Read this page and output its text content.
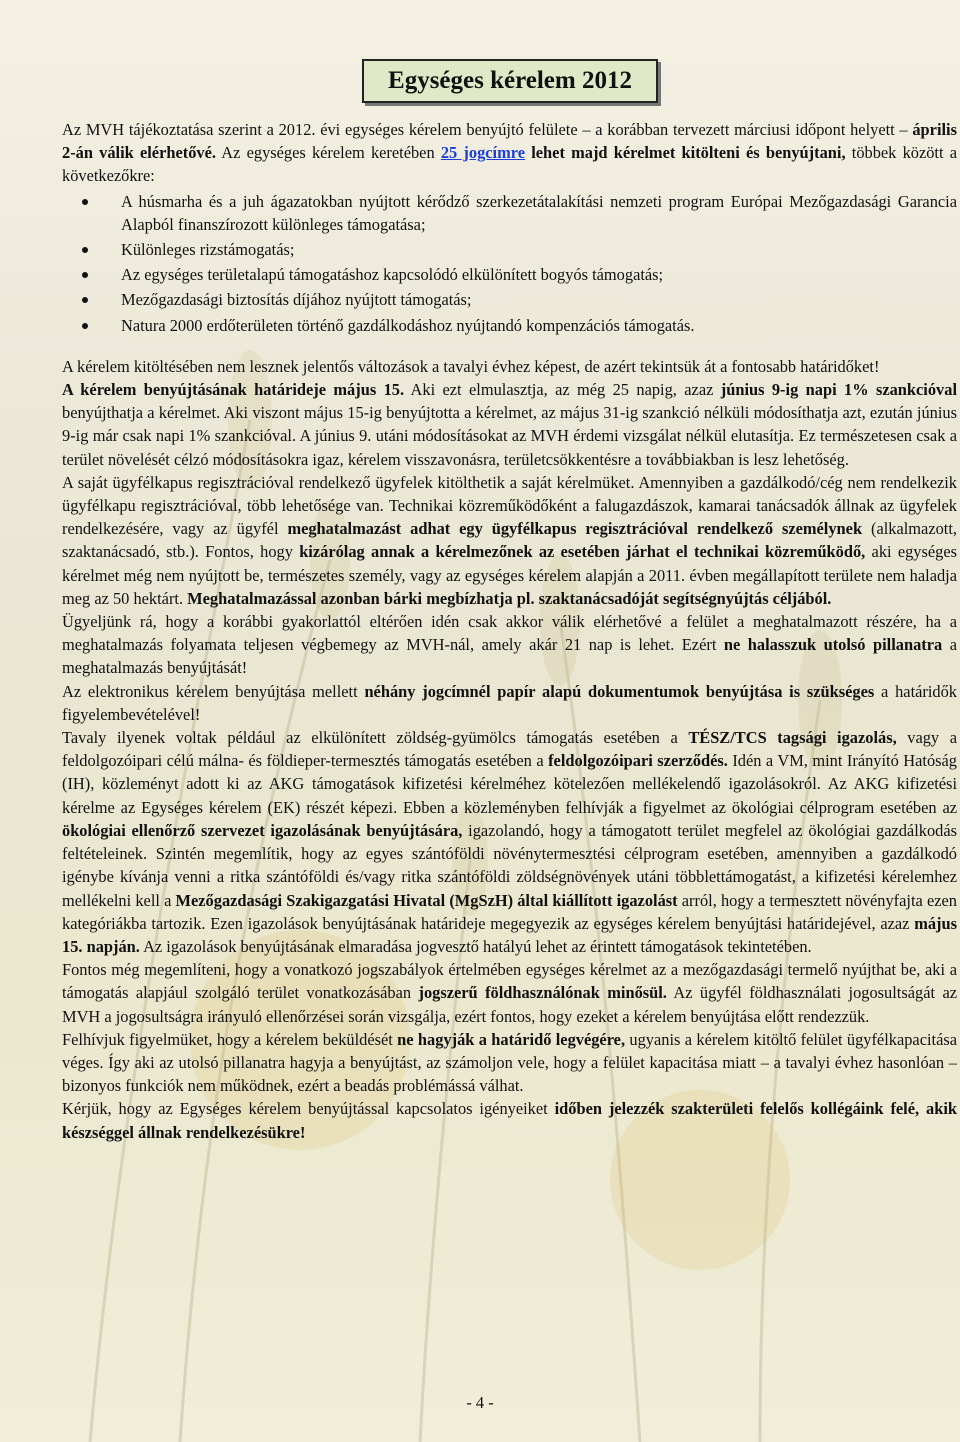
Egységes kérelem 2012

Az MVH tájékoztatása szerint a 2012. évi egységes kérelem benyújtó felülete – a korábban tervezett márciusi időpont helyett – április 2-án válik elérhetővé. Az egységes kérelem keretében 25 jogcímre lehet majd kérelmet kitölteni és benyújtani, többek között a következőkre:

A húsmarha és a juh ágazatokban nyújtott kérődző szerkezetátalakítási nemzeti program Európai Mezőgazdasági Garancia Alapból finanszírozott különleges támogatása;
Különleges rizstámogatás;
Az egységes területalapú támogatáshoz kapcsolódó elkülönített bogyós támogatás;
Mezőgazdasági biztosítás díjához nyújtott támogatás;
Natura 2000 erdőterületen történő gazdálkodáshoz nyújtandó kompenzációs támogatás.

A kérelem kitöltésében nem lesznek jelentős változások a tavalyi évhez képest, de azért tekintsük át a fontosabb határidőket!

A kérelem benyújtásának határideje május 15. Aki ezt elmulasztja, az még 25 napig, azaz június 9-ig napi 1% szankcióval benyújthatja a kérelmet. Aki viszont május 15-ig benyújtotta a kérelmet, az május 31-ig szankció nélküli módosíthatja azt, ezután június 9-ig már csak napi 1% szankcióval. A június 9. utáni módosításokat az MVH érdemi vizsgálat nélkül elutasítja. Ez természetesen csak a terület növelését célzó módosításokra igaz, kérelem visszavonásra, területcsökkentésre a továbbiakban is lesz lehetőség.

A saját ügyfélkapus regisztrációval rendelkező ügyfelek kitölthetik a saját kérelmüket. Amennyiben a gazdálkodó/cég nem rendelkezik ügyfélkapu regisztrációval, több lehetősége van. Technikai közreműködőként a falugazdászok, kamarai tanácsadók állnak az ügyfelek rendelkezésére, vagy az ügyfél meghatalmazást adhat egy ügyfélkapus regisztrációval rendelkező személynek (alkalmazott, szaktanácsadó, stb.). Fontos, hogy kizárólag annak a kérelmezőnek az esetében járhat el technikai közreműködő, aki egységes kérelmet még nem nyújtott be, természetes személy, vagy az egységes kérelem alapján a 2011. évben megállapított területe nem haladja meg az 50 hektárt. Meghatalmazással azonban bárki megbízhatja pl. szaktanácsadóját segítségnyújtás céljából.

Ügyeljünk rá, hogy a korábbi gyakorlattól eltérően idén csak akkor válik elérhetővé a felület a meghatalmazott részére, ha a meghatalmazás folyamata teljesen végbemegy az MVH-nál, amely akár 21 nap is lehet. Ezért ne halasszuk utolsó pillanatra a meghatalmazás benyújtását!

Az elektronikus kérelem benyújtása mellett néhány jogcímnél papír alapú dokumentumok benyújtása is szükséges a határidők figyelembevételével!

Tavaly ilyenek voltak például az elkülönített zöldség-gyümölcs támogatás esetében a TÉSZ/TCS tagsági igazolás, vagy a feldolgozóipari célú málna- és földieper-termesztés támogatás esetében a feldolgozóipari szerződés. Idén a VM, mint Irányító Hatóság (IH), közleményt adott ki az AKG támogatások kifizetési kérelméhez kötelezően mellékelendő igazolásokról. Az AKG kifizetési kérelme az Egységes kérelem (EK) részét képezi. Ebben a közleményben felhívják a figyelmet az ökológiai célprogram esetében az ökológiai ellenőrző szervezet igazolásának benyújtására, igazolandó, hogy a támogatott terület megfelel az ökológiai gazdálkodás feltételeinek. Szintén megemlítik, hogy az egyes szántóföldi növénytermesztési célprogram esetében, amennyiben a gazdálkodó igénybe kívánja venni a ritka szántóföldi és/vagy ritka szántóföldi zöldségnövények utáni többlettámogatást, a kifizetési kérelemhez mellékelni kell a Mezőgazdasági Szakigazgatási Hivatal (MgSzH) által kiállított igazolást arról, hogy a termesztett növényfajta ezen kategóriákba tartozik. Ezen igazolások benyújtásának határideje megegyezik az egységes kérelem benyújtási határidejével, azaz május 15. napján. Az igazolások benyújtásának elmaradása jogvesztő hatályú lehet az érintett támogatások tekintetében.

Fontos még megemlíteni, hogy a vonatkozó jogszabályok értelmében egységes kérelmet az a mezőgazdasági termelő nyújthat be, aki a támogatás alapjául szolgáló terület vonatkozásában jogszerű földhasználónak minősül. Az ügyfél földhasználati jogosultságát az MVH a jogosultságra irányuló ellenőrzései során vizsgálja, ezért fontos, hogy ezeket a kérelem benyújtása előtt rendezzük.

Felhívjuk figyelmüket, hogy a kérelem beküldését ne hagyják a határidő legvégére, ugyanis a kérelem kitöltő felület ügyfélkapacitása véges. Így aki az utolsó pillanatra hagyja a benyújtást, az számoljon vele, hogy a felület kapacitása miatt – a tavalyi évhez hasonlóan – bizonyos funkciók nem működnek, ezért a beadás problémássá válhat.

Kérjük, hogy az Egységes kérelem benyújtással kapcsolatos igényeiket időben jelezzék szakterületi felelős kollégáink felé, akik készséggel állnak rendelkezésükre!

- 4 -
